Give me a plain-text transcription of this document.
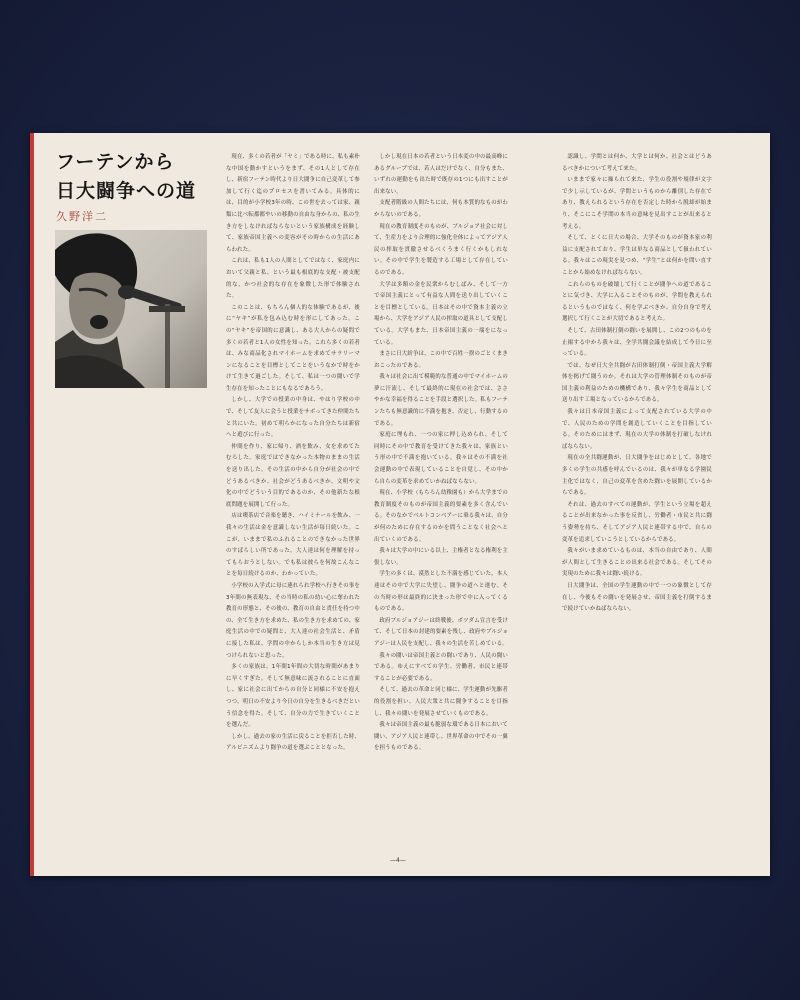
フーテンから
日大闘争への道
久野洋二

現在、多くの若者が「ヤミ」である時に、私も素朴な中国を動かすというをまず、その1人として存在し、新宿フーテン時代より日大闘争に自己変革して参加して行く迄のプロセスを書いてみる。具体的には、目的が小学校3年の時、この世を去っては家、親類に比べ転都都やいの移動の自由な身からの、私の生き方をしなければならないという家族構成を経験して、家族帝国主義への変容がその時からの生活にあらわれた。

これは、私も1人の人間としてではなく、家庭内において父親と私、という最も根底的な支配・被支配的な、かつ社会的な存在を象徴した形で体験された。

このことは、もちろん個人的な体験であるが、後に“ヤキ”が私を包み込む時を形にしてあった。この“ヤキ”を帝国的に意識し、ある大人からの疑問で多くの若者と1人の女性を知った。これら多くの若者は、みな商品化されマイホームを求めてサラリーマンになることを目標としてことをいうなかで時をかけて生きて過ごした。そして、私は一つの闘いで学生存在を知ったことにもなるであろう。

しかし、大学での授業の中身は、やはり学校の中で、そして友人に会うと授業をサボってきた仲間たちと共にいた。初めて明らかになった自分たちは新宿へと遊びに行った。

仲間を作り、家に帰り、酒を飲み、女を求めてたむろした。家庭ではできなかった本物のままの生活を送り出した。その生活の中から自分が社会の中でどうあるべきか、社会がどうあるべきか、文明や文化の中でどういう目的であるのか、その他新たな根底問題を展開して行った。

店は喫茶店で音楽を聴き、ハイミナールを飲み、一我々の生活は金を意識しない生活が毎日続いた。ここが、いままで私のふれることのできなかった世界のすばらしい所であった。大人達は何を理解を持ってもらおうとしない。でも私は彼らを何故こんなことを毎日続けるのか、わかっていた。

小学校の入学式に母に連れられ学校へ行きその事を3年間の無表現な、その当時の私の幼い心に奪われた教育の形態と、その後の、教育の自由と責任を持つ中の、全て生き方を求めた、私の生き方を求めての、家庭生活の中での疑問と、大人達の社会生活と、矛盾に接した私は、学問の中からしか本当の生き方は見つけられないと思った。

多くの家族は、1年間1年間の大切な時間があまりに早くすぎた。そして無意味に流されることに直面し、家に社会に出てからの自分と同様に不安を抱えつつ、明日の不安より今日の自分を生きるべきだという信念を得た。そして、自分の力で生きていくことを選んだ。

しかし、過去の家の生活に戻ることを拒否した時、アルビニズムより闘争の道を選ぶこととなった。

しかし現在日本の若者という日本変の中の最高峰にあるグループでは、若人はだけでなく、自分もまた、いずれの運動をも出た時で既存の1つにも出すことが出来ない。

支配者階級の人間たちには、何も本質的なものがわからないのである。

現在の教育制度そのものが、ブルジョア社会に対して、生産力をより合理的に強化全体によってアジア人民の搾取を貫徹させるべくうまく行くかもしれない。その中で学生を製造する工場として存在しているのである。

大学は多額の金を民衆からむしばみ、そして一方で帝国主義にとって有益な人間を送り出していくことを目標としている。日本はその中で資本主義の立場から、大学をアジア人民の搾取の道具として支配している。大学もまた、日本帝国主義の一端をになっている。

まさに日大紛争は、この中で百姓一揆のごとくまきおこったのである。

我々は社会に出て模範的な普通の中でマイホームの夢に汗流し、そして最終的に現在の社会では、ささやかな幸福を得ることを手段と選択した。私もフーテンたちも無意識的に不満を抱き、否定し、行動するのである。

家庭に埋もれ、一つの家に押し込められ、そして同時にその中で教育を受けてきた我々は、家族という形の中で不満を抱いている。我々はその不満を社会運動の中で表現していることを自覚し、その中から自らの変革を求めていかねばならない。

現在、小学校（もちろん幼稚園も）から大学までの教育制度そのものが帝国主義的要素を多く含んでいる。そのなかでベルトコンベアーに乗る我々は、自分が何のために存在するのかを問うことなく社会へと出ていくのである。

我々は大学の中にいる以上、主権者となる権利を主張しない。

学生の多くは、漠然とした不満を感じていた。本人達はその中で大学に失望し、闘争の道へと進む。その当時の形は最終的に決まった形で中に入ってくるものである。

政府ブルジョアジーは終戦後、ボツダム宣言を受けて、そして日本の封建的要素を残し、政府やブルジョアジーは人民を支配し、我々の生活を苦しめている。

我々の闘いは帝国主義との闘いであり、人民の闘いである。ゆえにすべての学生、労働者、市民と連帯することが必要である。

そして、過去の革命と同じ様に、学生運動が先駆者的役割を担い、人民大衆と共に闘争することを目指し、我々の闘いを発展させていくものである。

我々は帝国主義の最も脆弱な環である日本において闘い、アジア人民と連帯し、世界革命の中でその一翼を担うものである。

認識し、学問とは何か、大学とは何か、社会とはどうあるべきかについて考えて来た。

いままで家々に操られて来た、学生の役割や規律が文字で少し示しているが、学問というものから離別した存在であり、教えられるという存在を否定した時から脱却が始まり、そこにこそ学問の本当の意味を見出すことが出来ると考える。

そして、とくに日大の場合、大学そのものが資本家の利益に支配されており、学生は単なる商品として扱われている。我々はこの現実を見つめ、“学生”とは何かを問い直すことから始めなければならない。

これらのものを破壊して行くことが闘争への道であることに気づき、大学に入ることそのものが、学問を教えられるというものではなく、何を学ぶべきか、自分自身で考え選択して行くことが大切であると考えた。

そして、古田体制打倒の闘いを展開し、この2つのものを止揚する中から我々は、全学共闘会議を結成して今日に至っている。

では、なぜ日大全共闘が古田体制打倒・帝国主義大学解体を掲げて闘うのか。それは大学の管理体制そのものが帝国主義の利益のための機構であり、我々学生を商品として送り出す工場となっているからである。

我々は日本帝国主義によって支配されている大学の中で、人民のための学問を創造していくことを目指している。そのためにはまず、現在の大学の体制を打破しなければならない。

現在の全共闘運動が、日大闘争をはじめとして、各地で多くの学生の共感を呼んでいるのは、我々が単なる学園民主化ではなく、自己の変革を含めた闘いを展開しているからである。

それは、過去のすべての運動が、学生という立場を超えることが出来なかった事を反省し、労働者・市民と共に闘う姿勢を持ち、そしてアジア人民と連帯する中で、自らの変革を追求していこうとしているからである。

我々がいま求めているものは、本当の自由であり、人間が人間として生きることの出来る社会である。そしてその実現のために我々は闘い続ける。

日大闘争は、全国の学生運動の中で一つの象徴として存在し、今後もその闘いを発展させ、帝国主義を打倒するまで続けていかねばならない。

—4—
